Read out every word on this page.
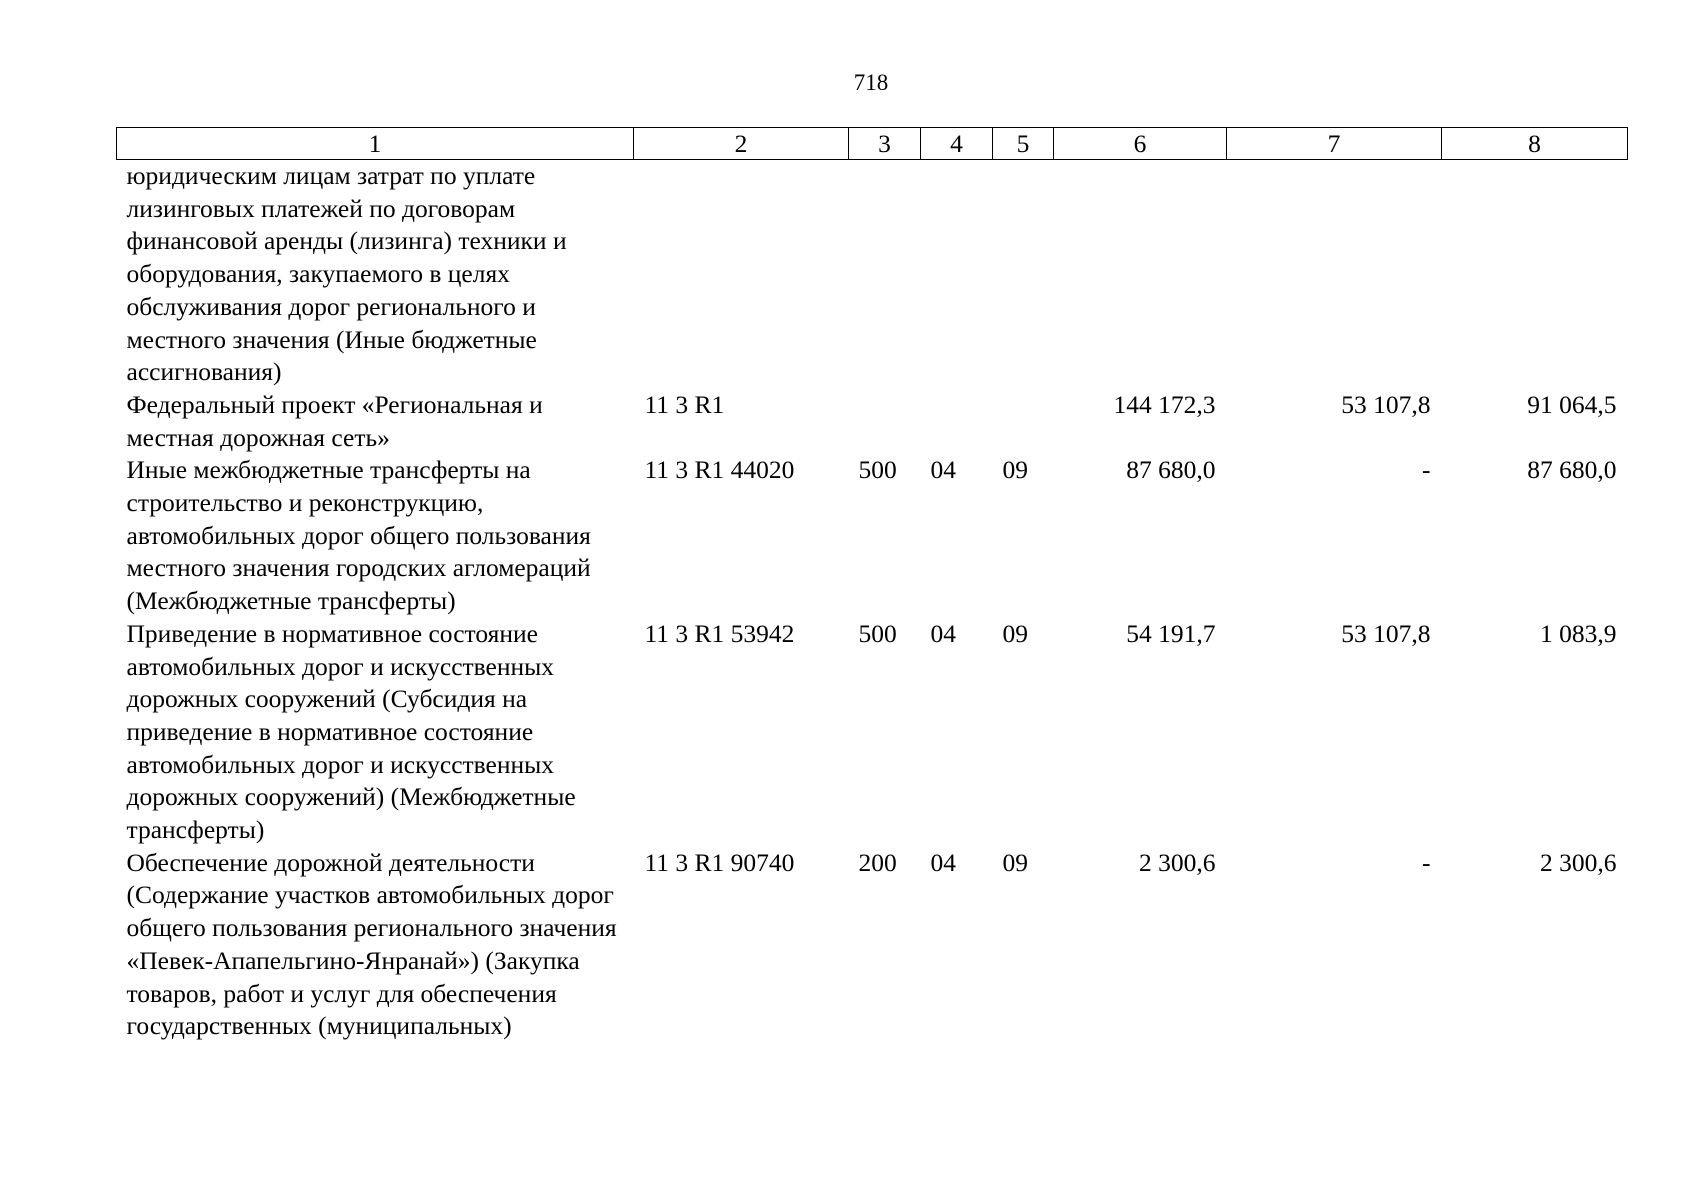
718
1	2	3	4	5	6	7	8
юридическим лицам затрат по уплате лизинговых платежей по договорам финансовой аренды (лизинга) техники и оборудования, закупаемого в целях обслуживания дорог регионального и местного значения (Иные бюджетные ассигнования)							
Федеральный проект «Региональная и местная дорожная сеть»	11 3 R1				144 172,3	53 107,8	91 064,5
Иные межбюджетные трансферты на строительство и реконструкцию, автомобильных дорог общего пользования местного значения городских агломераций (Межбюджетные трансферты)	11 3 R1 44020	500	04	09	87 680,0	-	87 680,0
Приведение в нормативное состояние автомобильных дорог и искусственных дорожных сооружений (Субсидия на приведение в нормативное состояние автомобильных дорог и искусственных дорожных сооружений) (Межбюджетные трансферты)	11 3 R1 53942	500	04	09	54 191,7	53 107,8	1 083,9
Обеспечение дорожной деятельности (Содержание участков автомобильных дорог общего пользования регионального значения «Певек-Апапельгино-Янранай») (Закупка товаров, работ и услуг для обеспечения государственных (муниципальных)	11 3 R1 90740	200	04	09	2 300,6	-	2 300,6
